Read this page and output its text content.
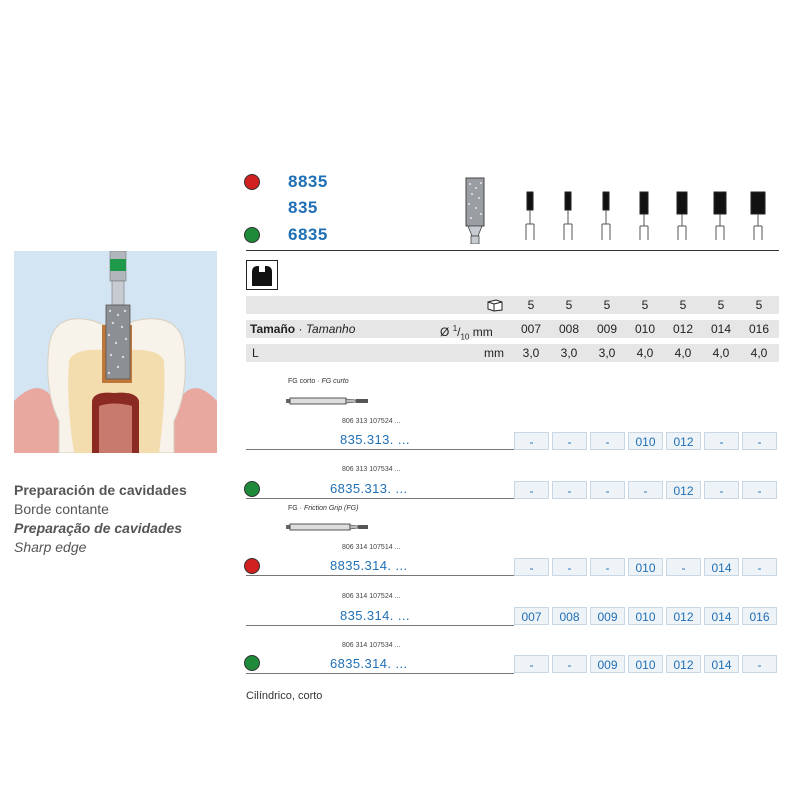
Preparación de cavidades
Borde contante
Preparação de cavidades
Sharp edge
8835
835
6835
5	5	5	5	5	5	5
Tamaño · Tamanho	Ø $^1/_{10}$ mm	007	008	009	010	012	014	016
L	mm	3,0	3,0	3,0	4,0	4,0	4,0	4,0
FG corto · FG curto
FG · Friction Grip (FG)
806 313 107524 ...
835.313. ...	-	-	-	010	012	-	-
806 313 107534 ...
6835.313. ...	-	-	-	-	012	-	-
806 314 107514 ...
8835.314. ...	-	-	-	010	-	014	-
806 314 107524 ...
835.314. ...	007	008	009	010	012	014	016
806 314 107534 ...
6835.314. ...	-	-	009	010	012	014	-
Cilíndrico, corto
